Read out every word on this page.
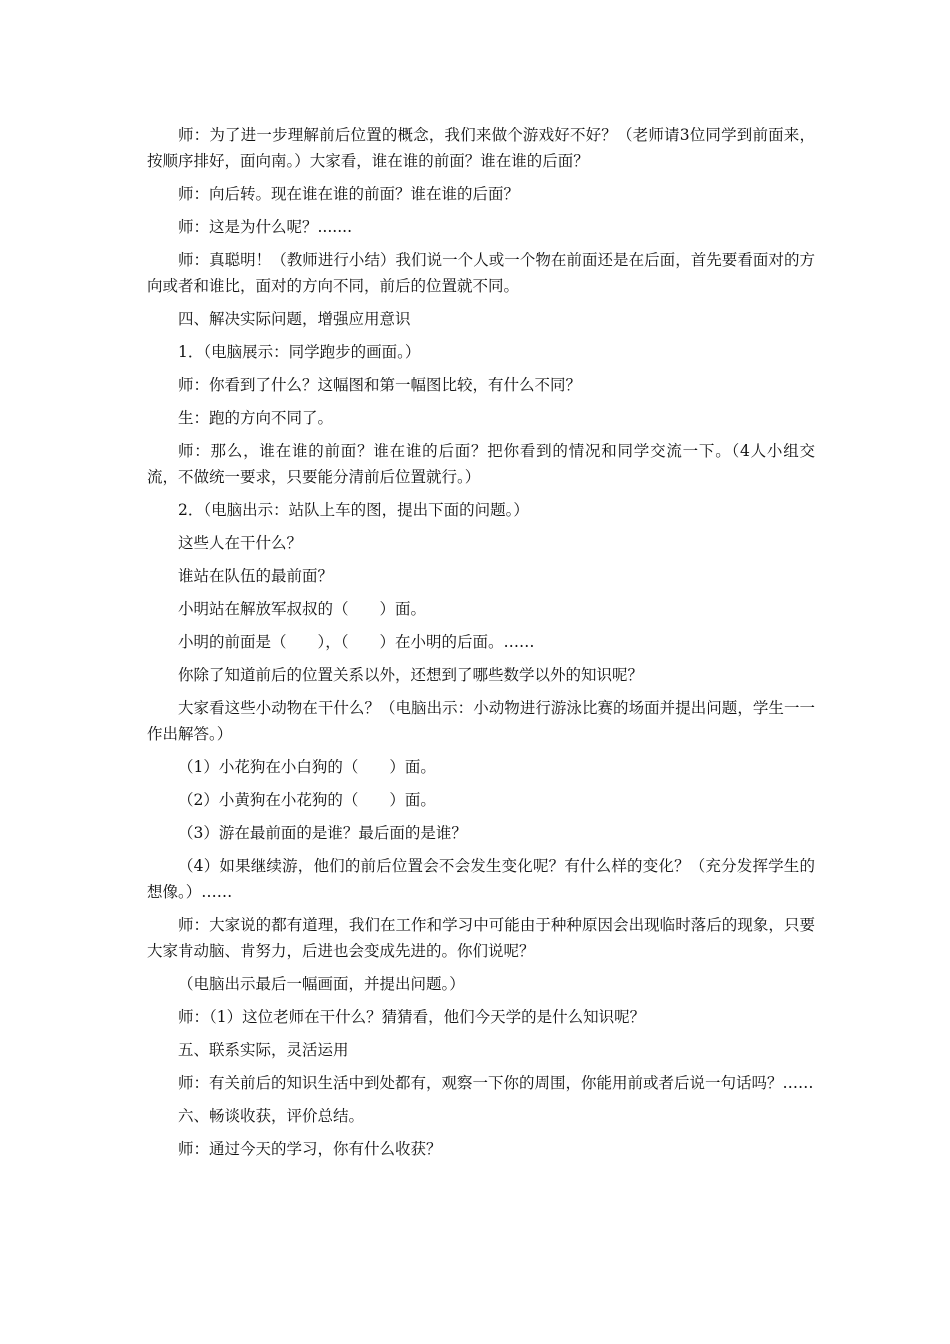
师：为了进一步理解前后位置的概念，我们来做个游戏好不好？（老师请3位同学到前面来，按顺序排好，面向南。）大家看，谁在谁的前面？谁在谁的后面？

师：向后转。现在谁在谁的前面？谁在谁的后面？

师：这是为什么呢？.......

师：真聪明！（教师进行小结）我们说一个人或一个物在前面还是在后面，首先要看面对的方向或者和谁比，面对的方向不同，前后的位置就不同。

四、解决实际问题，增强应用意识

1．（电脑展示：同学跑步的画面。）

师：你看到了什么？这幅图和第一幅图比较，有什么不同？

生：跑的方向不同了。

师：那么，谁在谁的前面？谁在谁的后面？把你看到的情况和同学交流一下。（4人小组交流，不做统一要求，只要能分清前后位置就行。）

2．（电脑出示：站队上车的图，提出下面的问题。）

这些人在干什么？

谁站在队伍的最前面？

小明站在解放军叔叔的（　　）面。

小明的前面是（　　），（　　）在小明的后面。……

你除了知道前后的位置关系以外，还想到了哪些数学以外的知识呢？

大家看这些小动物在干什么？（电脑出示：小动物进行游泳比赛的场面并提出问题，学生一一作出解答。）

（1）小花狗在小白狗的（　　）面。

（2）小黄狗在小花狗的（　　）面。

（3）游在最前面的是谁？最后面的是谁？

（4）如果继续游，他们的前后位置会不会发生变化呢？有什么样的变化？（充分发挥学生的想像。）……

师：大家说的都有道理，我们在工作和学习中可能由于种种原因会出现临时落后的现象，只要大家肯动脑、肯努力，后进也会变成先进的。你们说呢？

（电脑出示最后一幅画面，并提出问题。）

师：（1）这位老师在干什么？猜猜看，他们今天学的是什么知识呢？

五、联系实际，灵活运用

师：有关前后的知识生活中到处都有，观察一下你的周围，你能用前或者后说一句话吗？……

六、畅谈收获，评价总结。

师：通过今天的学习，你有什么收获？
